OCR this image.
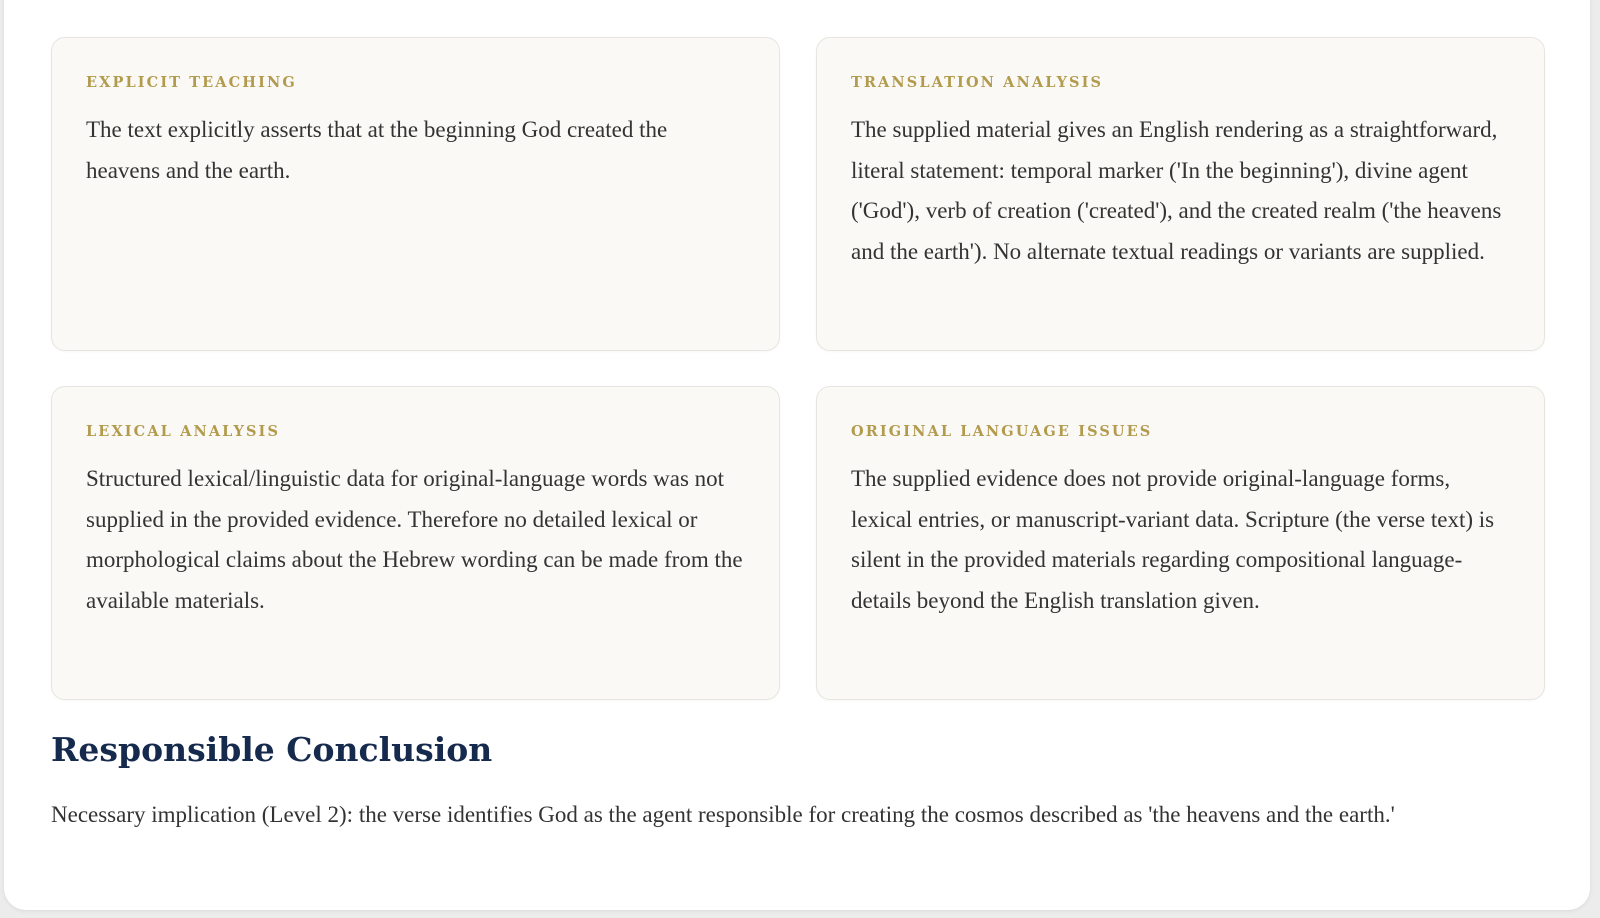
EXPLICIT TEACHING
The text explicitly asserts that at the beginning God created the heavens and the earth.
TRANSLATION ANALYSIS
The supplied material gives an English rendering as a straightforward, literal statement: temporal marker ('In the beginning'), divine agent ('God'), verb of creation ('created'), and the created realm ('the heavens and the earth'). No alternate textual readings or variants are supplied.
LEXICAL ANALYSIS
Structured lexical/linguistic data for original-language words was not supplied in the provided evidence. Therefore no detailed lexical or morphological claims about the Hebrew wording can be made from the available materials.
ORIGINAL LANGUAGE ISSUES
The supplied evidence does not provide original-language forms, lexical entries, or manuscript-variant data. Scripture (the verse text) is silent in the provided materials regarding compositional language-details beyond the English translation given.
Responsible Conclusion

Necessary implication (Level 2): the verse identifies God as the agent responsible for creating the cosmos described as 'the heavens and the earth.'
